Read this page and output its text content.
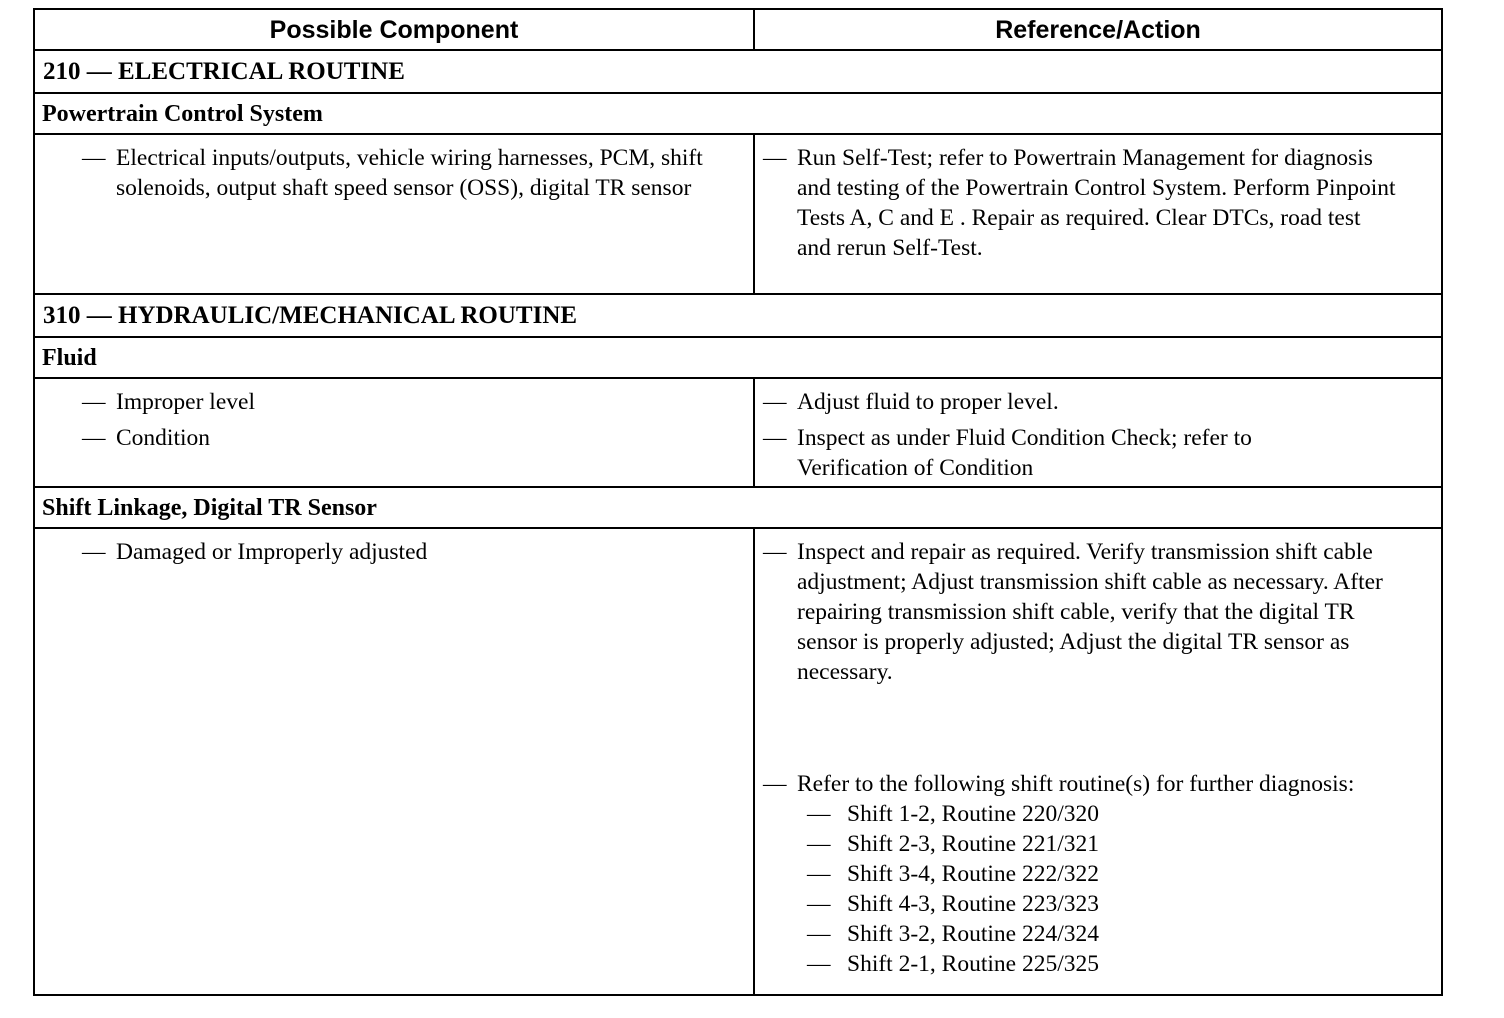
Possible Component	Reference/Action
210 — ELECTRICAL ROUTINE
Powertrain Control System
— Electrical inputs/outputs, vehicle wiring harnesses, PCM, shift solenoids, output shaft speed sensor (OSS), digital TR sensor
— Run Self-Test; refer to Powertrain Management for diagnosis and testing of the Powertrain Control System. Perform Pinpoint Tests A, C and E . Repair as required. Clear DTCs, road test and rerun Self-Test.
310 — HYDRAULIC/MECHANICAL ROUTINE
Fluid
— Improper level
— Condition
— Adjust fluid to proper level.
— Inspect as under Fluid Condition Check; refer to Verification of Condition
Shift Linkage, Digital TR Sensor
— Damaged or Improperly adjusted	— Inspect and repair as required. Verify transmission shift cable adjustment; Adjust transmission shift cable as necessary. After repairing transmission shift cable, verify that the digital TR sensor is properly adjusted; Adjust the digital TR sensor as necessary.
— Refer to the following shift routine(s) for further diagnosis:
— Shift 1-2, Routine 220/320
— Shift 2-3, Routine 221/321
— Shift 3-4, Routine 222/322
— Shift 4-3, Routine 223/323
— Shift 3-2, Routine 224/324
— Shift 2-1, Routine 225/325
